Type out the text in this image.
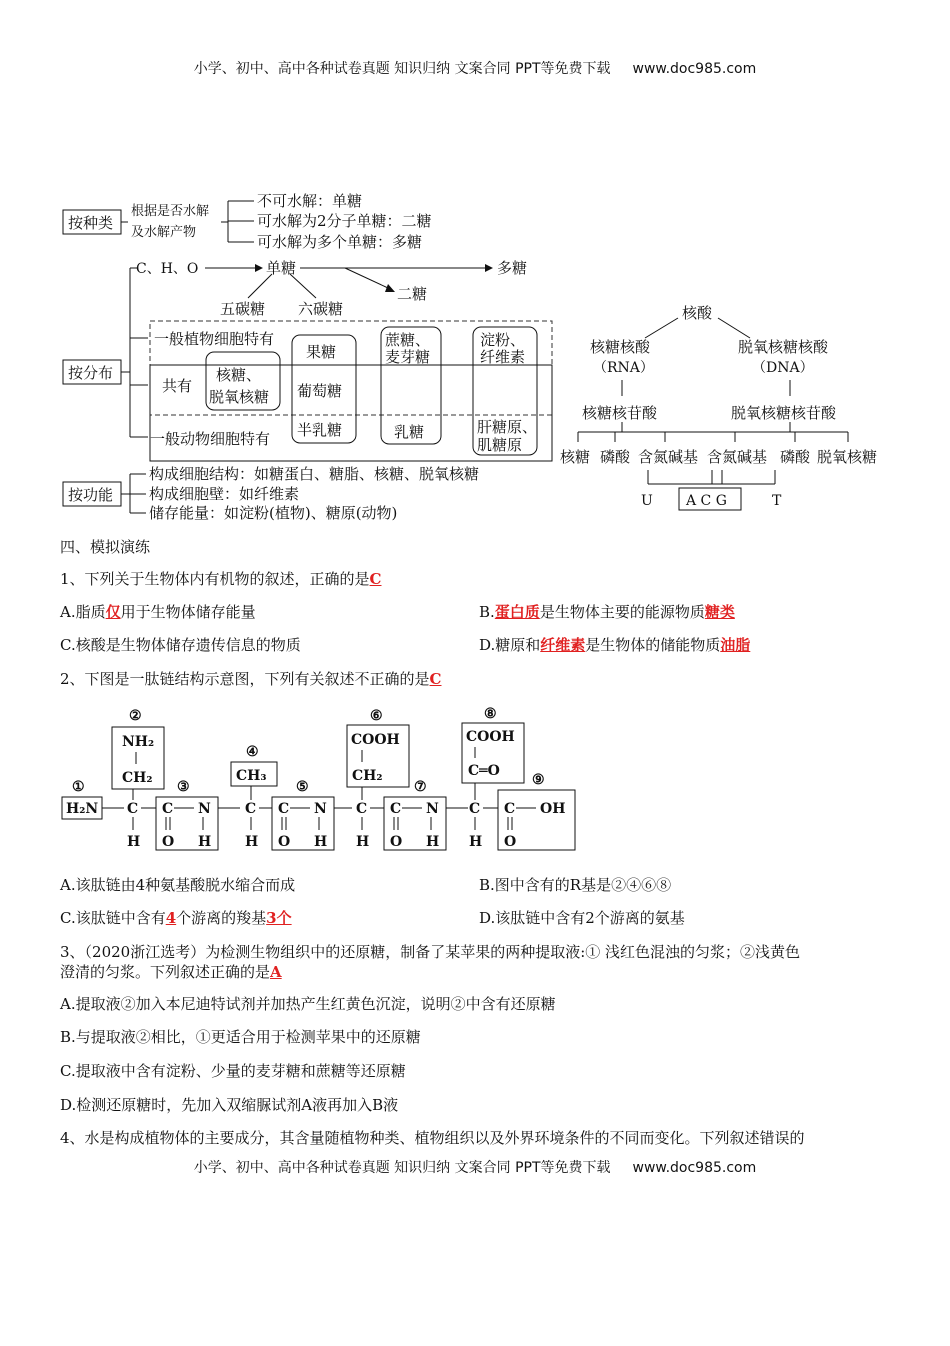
小学、初中、高中各种试卷真题 知识归纳 文案合同 PPT等免费下载 www.doc985.com
按种类
根据是否水解
及水解产物
不可水解：单糖
可水解为2分子单糖：二糖
可水解为多个单糖：多糖
C、H、O	单糖	多糖
二糖
五碳糖 六碳糖
一般植物细胞特有
共有
一般动物细胞特有
核糖、
脱氧核糖
果糖
葡萄糖
半乳糖
蔗糖、
麦芽糖
乳糖
淀粉、
纤维素
肝糖原、
肌糖原
按分布
按功能
构成细胞结构：如糖蛋白、糖脂、核糖、脱氧核糖
构成细胞壁：如纤维素
储存能量：如淀粉(植物)、糖原(动物)
核酸
核糖核酸
（RNA）
脱氧核糖核酸
（DNA）
核糖核苷酸	脱氧核糖核苷酸
核糖 磷酸 含氮碱基 含氮碱基 磷酸 脱氧核糖
U A C G	T
四、模拟演练
1、下列关于生物体内有机物的叙述，正确的是C
A.脂质仅用于生物体储存能量	B.蛋白质是生物体主要的能源物质糖类
C.核酸是生物体储存遗传信息的物质	D.糖原和纤维素是生物体的储能物质油脂
2、下图是一肽链结构示意图，下列有关叙述不正确的是C
①
H₂N
②
NH₂
CH₂
C
H
③
C N
O H
④
CH₃
C
H
⑤
C N
O H
⑥
COOH
CH₂
C
H
⑦
C N
O H
⑧
COOH
C═O
C
H
⑨
C OH
O
A.该肽链由4种氨基酸脱水缩合而成	B.图中含有的R基是②④⑥⑧
C.该肽链中含有4个游离的羧基3个	D.该肽链中含有2个游离的氨基
3、（2020浙江选考）为检测生物组织中的还原糖，制备了某苹果的两种提取液:① 浅红色混浊的匀浆；②浅黄色
澄清的匀浆。下列叙述正确的是A
A.提取液②加入本尼迪特试剂并加热产生红黄色沉淀，说明②中含有还原糖
B.与提取液②相比，①更适合用于检测苹果中的还原糖
C.提取液中含有淀粉、少量的麦芽糖和蔗糖等还原糖
D.检测还原糖时，先加入双缩脲试剂A液再加入B液
4、水是构成植物体的主要成分，其含量随植物种类、植物组织以及外界环境条件的不同而变化。下列叙述错误的
小学、初中、高中各种试卷真题 知识归纳 文案合同 PPT等免费下载 www.doc985.com
